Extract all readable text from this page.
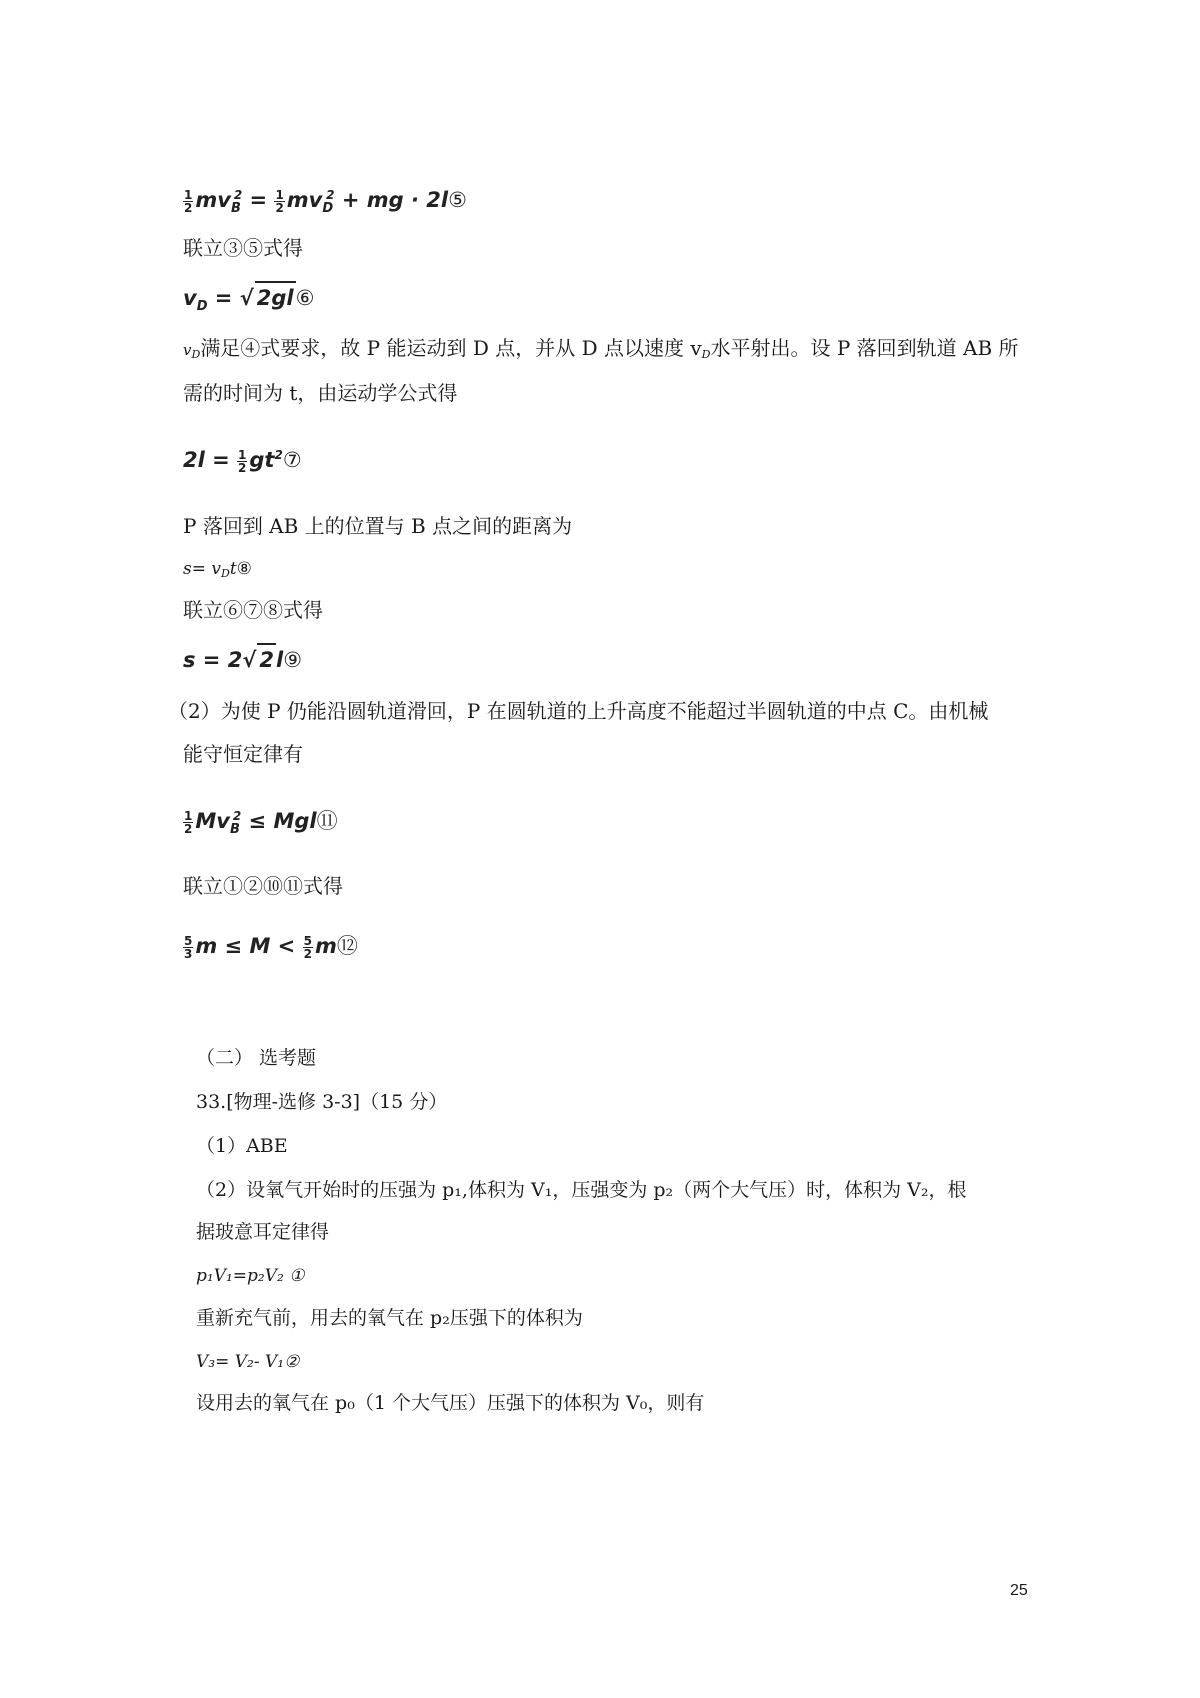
$\frac{1}{2} mv_B^2 = \frac{1}{2} mv_D^2$ + mg · 2l⑤
联立③⑤式得
$v_D$ = √ 2gl⑥
$v_D$满足④式要求，故 P 能运动到 D 点，并从 D 点以速度 $v_D$水平射出。设 P 落回到轨道 AB 所
需的时间为 t，由运动学公式得
$2l = \frac{1}{2}$ $gt^2⑦$
P 落回到 AB 上的位置与 B 点之间的距离为
$s= v_Dt⑧$
联立⑥⑦⑧式得
s = 2√ 2l⑨
（2）为使 P 仍能沿圆轨道滑回，P 在圆轨道的上升高度不能超过半圆轨道的中点 C。由机械
能守恒定律有
$\frac{1}{2} Mv_B^2$ ≤ Mgl⑪
联立①②⑩⑪式得
$\frac{5}{3}$ $m \le M < \frac{5}{2}$ m⑫
（二） 选考题
33.[物理-选修 3-3]（15 分）
（1）ABE
（2）设氧气开始时的压强为 p₁,体积为 V₁，压强变为 p₂（两个大气压）时，体积为 V₂，根
据玻意耳定律得
p₁V₁=p₂V₂ ①
重新充气前，用去的氧气在 p₂压强下的体积为
V₃= V₂- V₁②
设用去的氧气在 p₀（1 个大气压）压强下的体积为 V₀，则有
25
